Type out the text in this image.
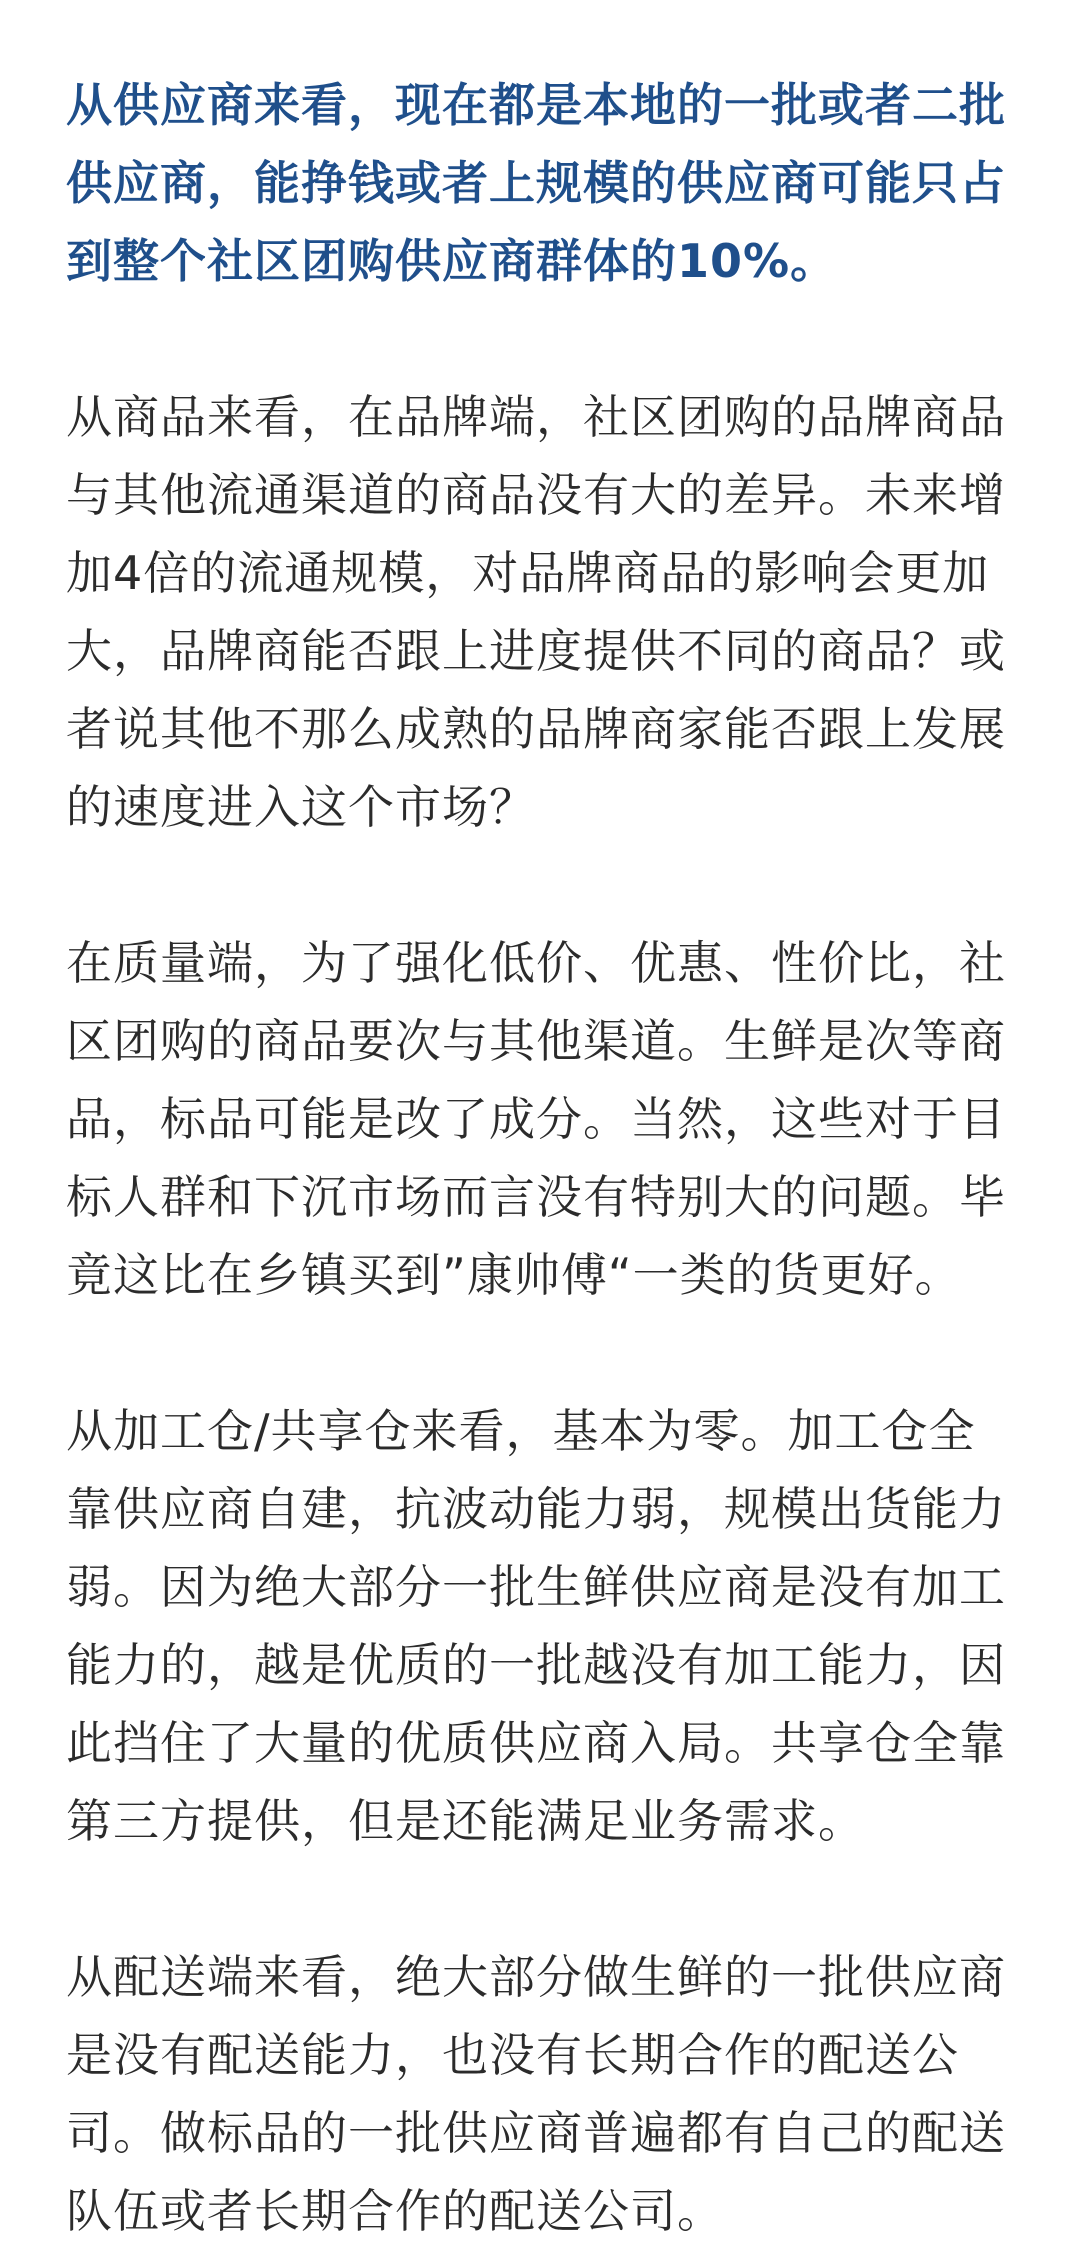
从供应商来看，现在都是本地的一批或者二批供应商，能挣钱或者上规模的供应商可能只占到整个社区团购供应商群体的10%。

从商品来看，在品牌端，社区团购的品牌商品与其他流通渠道的商品没有大的差异。未来增加4倍的流通规模，对品牌商品的影响会更加大，品牌商能否跟上进度提供不同的商品？或者说其他不那么成熟的品牌商家能否跟上发展的速度进入这个市场？

在质量端，为了强化低价、优惠、性价比，社区团购的商品要次与其他渠道。生鲜是次等商品，标品可能是改了成分。当然，这些对于目标人群和下沉市场而言没有特别大的问题。毕竟这比在乡镇买到”康帅傅“一类的货更好。

从加工仓/共享仓来看，基本为零。加工仓全靠供应商自建，抗波动能力弱，规模出货能力弱。因为绝大部分一批生鲜供应商是没有加工能力的，越是优质的一批越没有加工能力，因此挡住了大量的优质供应商入局。共享仓全靠第三方提供，但是还能满足业务需求。

从配送端来看，绝大部分做生鲜的一批供应商是没有配送能力，也没有长期合作的配送公司。做标品的一批供应商普遍都有自己的配送队伍或者长期合作的配送公司。
